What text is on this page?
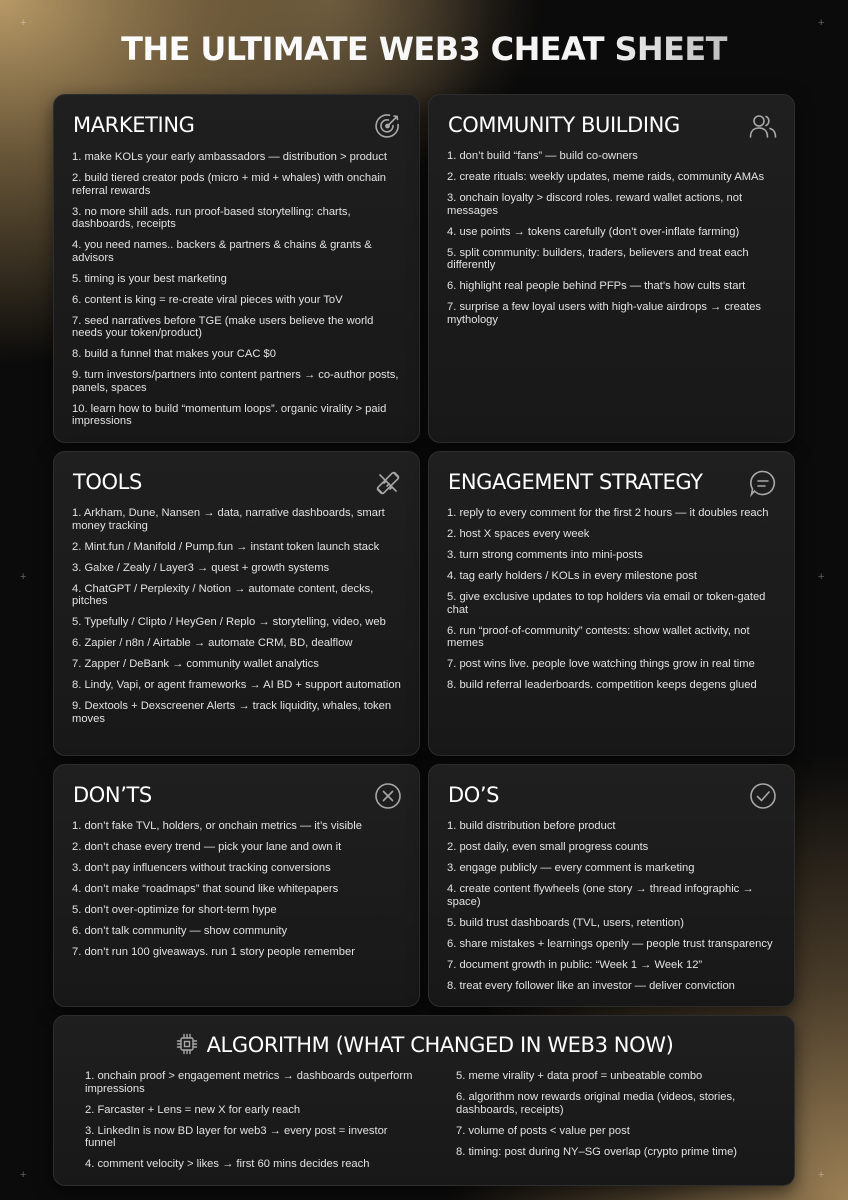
+	+
+	+
+	+
THE ULTIMATE WEB3 CHEAT SHEET
MARKETING
1. make KOLs your early ambassadors — distribution > product
2. build tiered creator pods (micro + mid + whales) with onchain referral rewards
3. no more shill ads. run proof-based storytelling: charts, dashboards, receipts
4. you need names.. backers & partners & chains & grants & advisors
5. timing is your best marketing
6. content is king = re-create viral pieces with your ToV
7. seed narratives before TGE (make users believe the world needs your token/product)
8. build a funnel that makes your CAC $0
9. turn investors/partners into content partners → co-author posts, panels, spaces
10. learn how to build “momentum loops”. organic virality > paid impressions
COMMUNITY BUILDING
1. don’t build “fans” — build co-owners
2. create rituals: weekly updates, meme raids, community AMAs
3. onchain loyalty > discord roles. reward wallet actions, not messages
4. use points → tokens carefully (don’t over-inflate farming)
5. split community: builders, traders, believers and treat each differently
6. highlight real people behind PFPs — that’s how cults start
7. surprise a few loyal users with high-value airdrops → creates mythology
TOOLS
1. Arkham, Dune, Nansen → data, narrative dashboards, smart money tracking
2. Mint.fun / Manifold / Pump.fun → instant token launch stack
3. Galxe / Zealy / Layer3 → quest + growth systems
4. ChatGPT / Perplexity / Notion → automate content, decks, pitches
5. Typefully / Clipto / HeyGen / Replo → storytelling, video, web
6. Zapier / n8n / Airtable → automate CRM, BD, dealflow
7. Zapper / DeBank → community wallet analytics
8. Lindy, Vapi, or agent frameworks → AI BD + support automation
9. Dextools + Dexscreener Alerts → track liquidity, whales, token moves
ENGAGEMENT STRATEGY
1. reply to every comment for the first 2 hours — it doubles reach
2. host X spaces every week
3. turn strong comments into mini-posts
4. tag early holders / KOLs in every milestone post
5. give exclusive updates to top holders via email or token-gated chat
6. run “proof-of-community” contests: show wallet activity, not memes
7. post wins live. people love watching things grow in real time
8. build referral leaderboards. competition keeps degens glued
DON’TS
1. don’t fake TVL, holders, or onchain metrics — it’s visible
2. don’t chase every trend — pick your lane and own it
3. don’t pay influencers without tracking conversions
4. don’t make “roadmaps” that sound like whitepapers
5. don’t over-optimize for short-term hype
6. don’t talk community — show community
7. don’t run 100 giveaways. run 1 story people remember
DO’S
1. build distribution before product
2. post daily, even small progress counts
3. engage publicly — every comment is marketing
4. create content flywheels (one story → thread infographic → space)
5. build trust dashboards (TVL, users, retention)
6. share mistakes + learnings openly — people trust transparency
7. document growth in public: “Week 1 → Week 12”
8. treat every follower like an investor — deliver conviction
ALGORITHM (WHAT CHANGED IN WEB3 NOW)
1. onchain proof > engagement metrics → dashboards outperform impressions
2. Farcaster + Lens = new X for early reach
3. LinkedIn is now BD layer for web3 → every post = investor funnel
4. comment velocity > likes → first 60 mins decides reach
5. meme virality + data proof = unbeatable combo
6. algorithm now rewards original media (videos, stories, dashboards, receipts)
7. volume of posts < value per post
8. timing: post during NY–SG overlap (crypto prime time)
